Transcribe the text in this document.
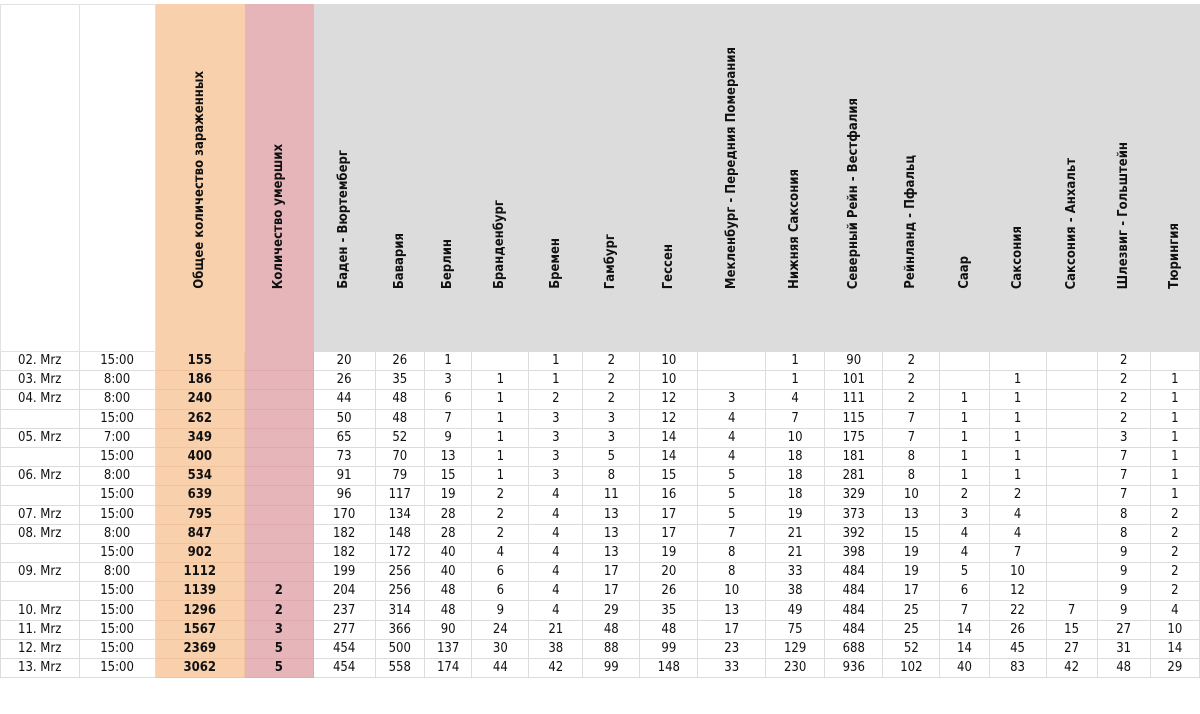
		Общее количество зараженных	Количество умерших	Баден - Вюртемберг	Бавария	Берлин	Бранденбург	Бремен	Гамбург	Гессен	Мекленбург - Передния Померания	Нижняя Саксония	Северный Рейн - Вестфалия	Рейнланд - Пфальц	Саар	Саксония	Саксония - Анхальт	Шлезвиг - Гольштейн	Тюрингия

02. Mrz	15:00	155		20	26	1		1	2	10		1	90	2				2	
03. Mrz	8:00	186		26	35	3	1	1	2	10		1	101	2		1		2	1
04. Mrz	8:00	240		44	48	6	1	2	2	12	3	4	111	2	1	1		2	1
	15:00	262		50	48	7	1	3	3	12	4	7	115	7	1	1		2	1
05. Mrz	7:00	349		65	52	9	1	3	3	14	4	10	175	7	1	1		3	1
	15:00	400		73	70	13	1	3	5	14	4	18	181	8	1	1		7	1
06. Mrz	8:00	534		91	79	15	1	3	8	15	5	18	281	8	1	1		7	1
	15:00	639		96	117	19	2	4	11	16	5	18	329	10	2	2		7	1
07. Mrz	15:00	795		170	134	28	2	4	13	17	5	19	373	13	3	4		8	2
08. Mrz	8:00	847		182	148	28	2	4	13	17	7	21	392	15	4	4		8	2
	15:00	902		182	172	40	4	4	13	19	8	21	398	19	4	7		9	2
09. Mrz	8:00	1112		199	256	40	6	4	17	20	8	33	484	19	5	10		9	2
	15:00	1139	2	204	256	48	6	4	17	26	10	38	484	17	6	12		9	2
10. Mrz	15:00	1296	2	237	314	48	9	4	29	35	13	49	484	25	7	22	7	9	4
11. Mrz	15:00	1567	3	277	366	90	24	21	48	48	17	75	484	25	14	26	15	27	10
12. Mrz	15:00	2369	5	454	500	137	30	38	88	99	23	129	688	52	14	45	27	31	14
13. Mrz	15:00	3062	5	454	558	174	44	42	99	148	33	230	936	102	40	83	42	48	29
